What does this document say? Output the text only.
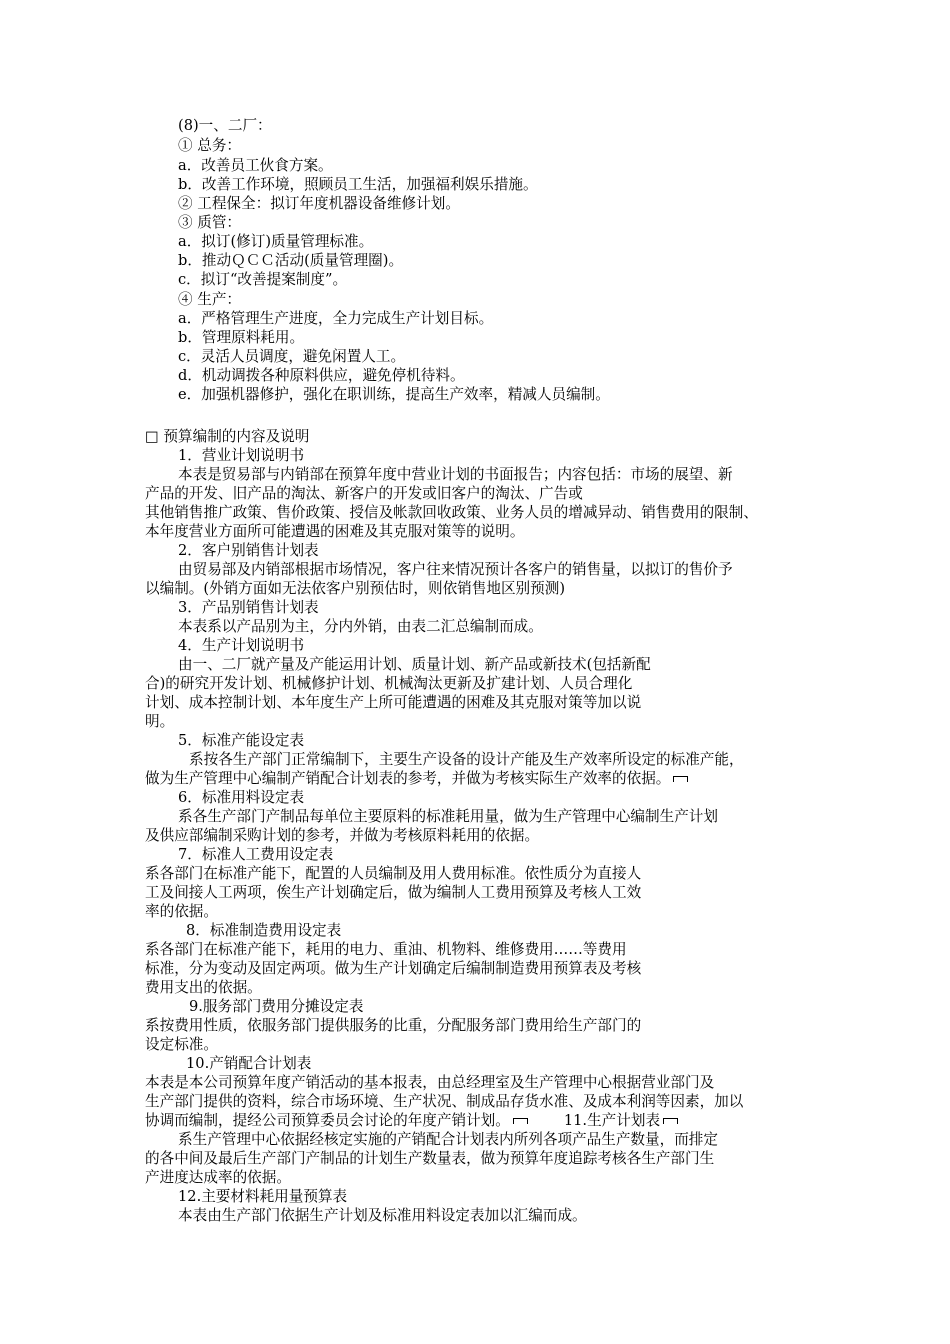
(8)一、二厂：
① 总务：
a．改善员工伙食方案。
b．改善工作环境，照顾员工生活，加强福利娱乐措施。
② 工程保全：拟订年度机器设备维修计划。
③ 质管：
a．拟订(修订)质量管理标准。
b．推动ＱＣＣ活动(质量管理圈)。
c．拟订“改善提案制度”。
④ 生产：
a．严格管理生产进度，全力完成生产计划目标。
b．管理原料耗用。
c．灵活人员调度，避免闲置人工。
d．机动调拨各种原料供应，避免停机待料。
e．加强机器修护，强化在职训练，提高生产效率，精减人员编制。
□ 预算编制的内容及说明
1．营业计划说明书
本表是贸易部与内销部在预算年度中营业计划的书面报告；内容包括：市场的展望、新
产品的开发、旧产品的淘汰、新客户的开发或旧客户的淘汰、广告或
其他销售推广政策、售价政策、授信及帐款回收政策、业务人员的增减异动、销售费用的限制、
本年度营业方面所可能遭遇的困难及其克服对策等的说明。
2．客户别销售计划表
由贸易部及内销部根据市场情况，客户往来情况预计各客户的销售量，以拟订的售价予
以编制。(外销方面如无法依客户别预估时，则依销售地区别预测)
3．产品别销售计划表
本表系以产品别为主，分内外销，由表二汇总编制而成。
4．生产计划说明书
由一、二厂就产量及产能运用计划、质量计划、新产品或新技术(包括新配
合)的研究开发计划、机械修护计划、机械淘汰更新及扩建计划、人员合理化
计划、成本控制计划、本年度生产上所可能遭遇的困难及其克服对策等加以说
明。
5．标准产能设定表
系按各生产部门正常编制下，主要生产设备的设计产能及生产效率所设定的标准产能，
做为生产管理中心编制产销配合计划表的参考，并做为考核实际生产效率的依据。
6．标准用料设定表
系各生产部门产制品每单位主要原料的标准耗用量，做为生产管理中心编制生产计划
及供应部编制采购计划的参考，并做为考核原料耗用的依据。
7．标准人工费用设定表
系各部门在标准产能下，配置的人员编制及用人费用标准。依性质分为直接人
工及间接人工两项，俟生产计划确定后，做为编制人工费用预算及考核人工效
率的依据。
8．标准制造费用设定表
系各部门在标准产能下，耗用的电力、重油、机物料、维修费用……等费用
标准，分为变动及固定两项。做为生产计划确定后编制制造费用预算表及考核
费用支出的依据。
9.服务部门费用分摊设定表
系按费用性质，依服务部门提供服务的比重，分配服务部门费用给生产部门的
设定标准。
10.产销配合计划表
本表是本公司预算年度产销活动的基本报表，由总经理室及生产管理中心根据营业部门及
生产部门提供的资料，综合市场环境、生产状况、制成品存货水准、及成本利润等因素，加以
协调而编制，提经公司预算委员会讨论的年度产销计划。	11.生产计划表
系生产管理中心依据经核定实施的产销配合计划表内所列各项产品生产数量，而排定
的各中间及最后生产部门产制品的计划生产数量表，做为预算年度追踪考核各生产部门生
产进度达成率的依据。
12.主要材料耗用量预算表
本表由生产部门依据生产计划及标准用料设定表加以汇编而成。
